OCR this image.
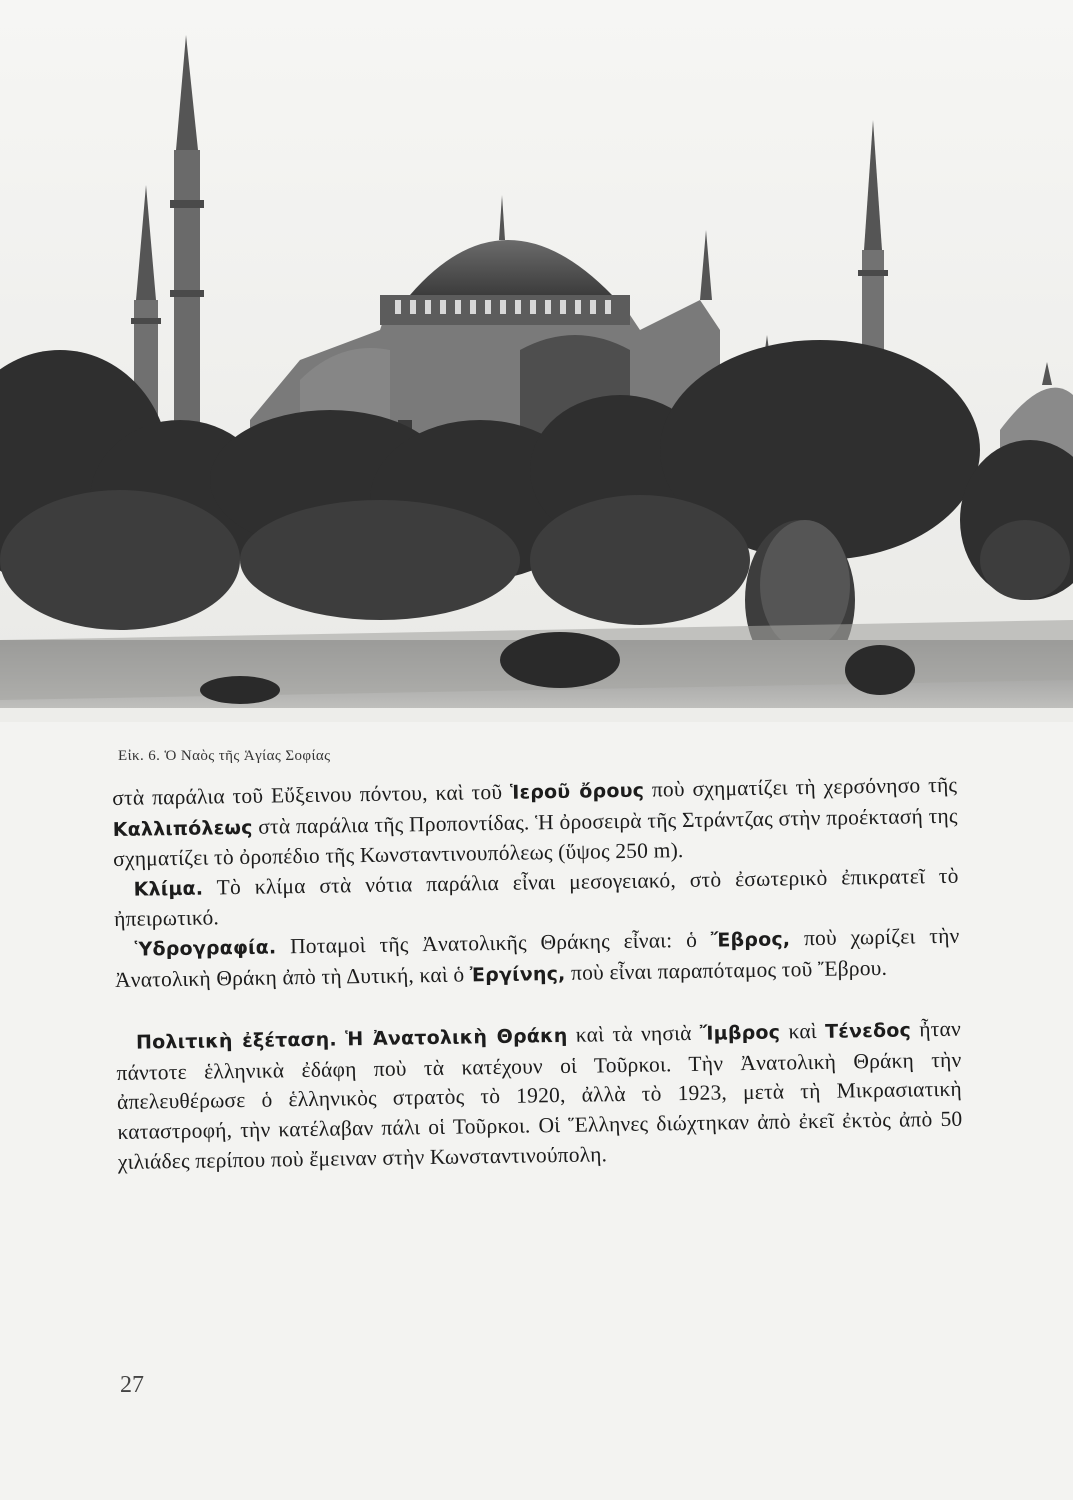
Εἰκ. 6. Ὁ Ναὸς τῆς Ἁγίας Σοφίας

στὰ παράλια τοῦ Εὔξεινου πόντου, καὶ τοῦ Ἱεροῦ ὄρους ποὺ σχηματίζει τὴ χερσόνησο τῆς Καλλιπόλεως στὰ παράλια τῆς Προποντίδας. Ἡ ὀροσειρὰ τῆς Στράντζας στὴν προέκτασή της σχηματίζει τὸ ὀροπέδιο τῆς Κωνσταντινουπόλεως (ὕψος 250 m).

Κλίμα. Τὸ κλίμα στὰ νότια παράλια εἶναι μεσογειακό, στὸ ἐσωτερικὸ ἐπικρατεῖ τὸ ἠπειρωτικό.

Ὑδρογραφία. Ποταμοὶ τῆς Ἀνατολικῆς Θράκης εἶναι: ὁ Ἔβρος, ποὺ χωρίζει τὴν Ἀνατολικὴ Θράκη ἀπὸ τὴ Δυτική, καὶ ὁ Ἐργίνης, ποὺ εἶναι παραπόταμος τοῦ Ἔβρου.

Πολιτικὴ ἐξέταση. Ἡ Ἀνατολικὴ Θράκη καὶ τὰ νησιὰ Ἴμβρος καὶ Τένεδος ἦταν πάντοτε ἑλληνικὰ ἐδάφη ποὺ τὰ κατέχουν οἱ Τοῦρκοι. Τὴν Ἀνατολικὴ Θράκη τὴν ἀπελευθέρωσε ὁ ἑλληνικὸς στρατὸς τὸ 1920, ἀλλὰ τὸ 1923, μετὰ τὴ Μικρασιατικὴ καταστροφή, τὴν κατέλαβαν πάλι οἱ Τοῦρκοι. Οἱ Ἕλληνες διώχτηκαν ἀπὸ ἐκεῖ ἐκτὸς ἀπὸ 50 χιλιάδες περίπου ποὺ ἔμειναν στὴν Κωνσταντινούπολη.

27
